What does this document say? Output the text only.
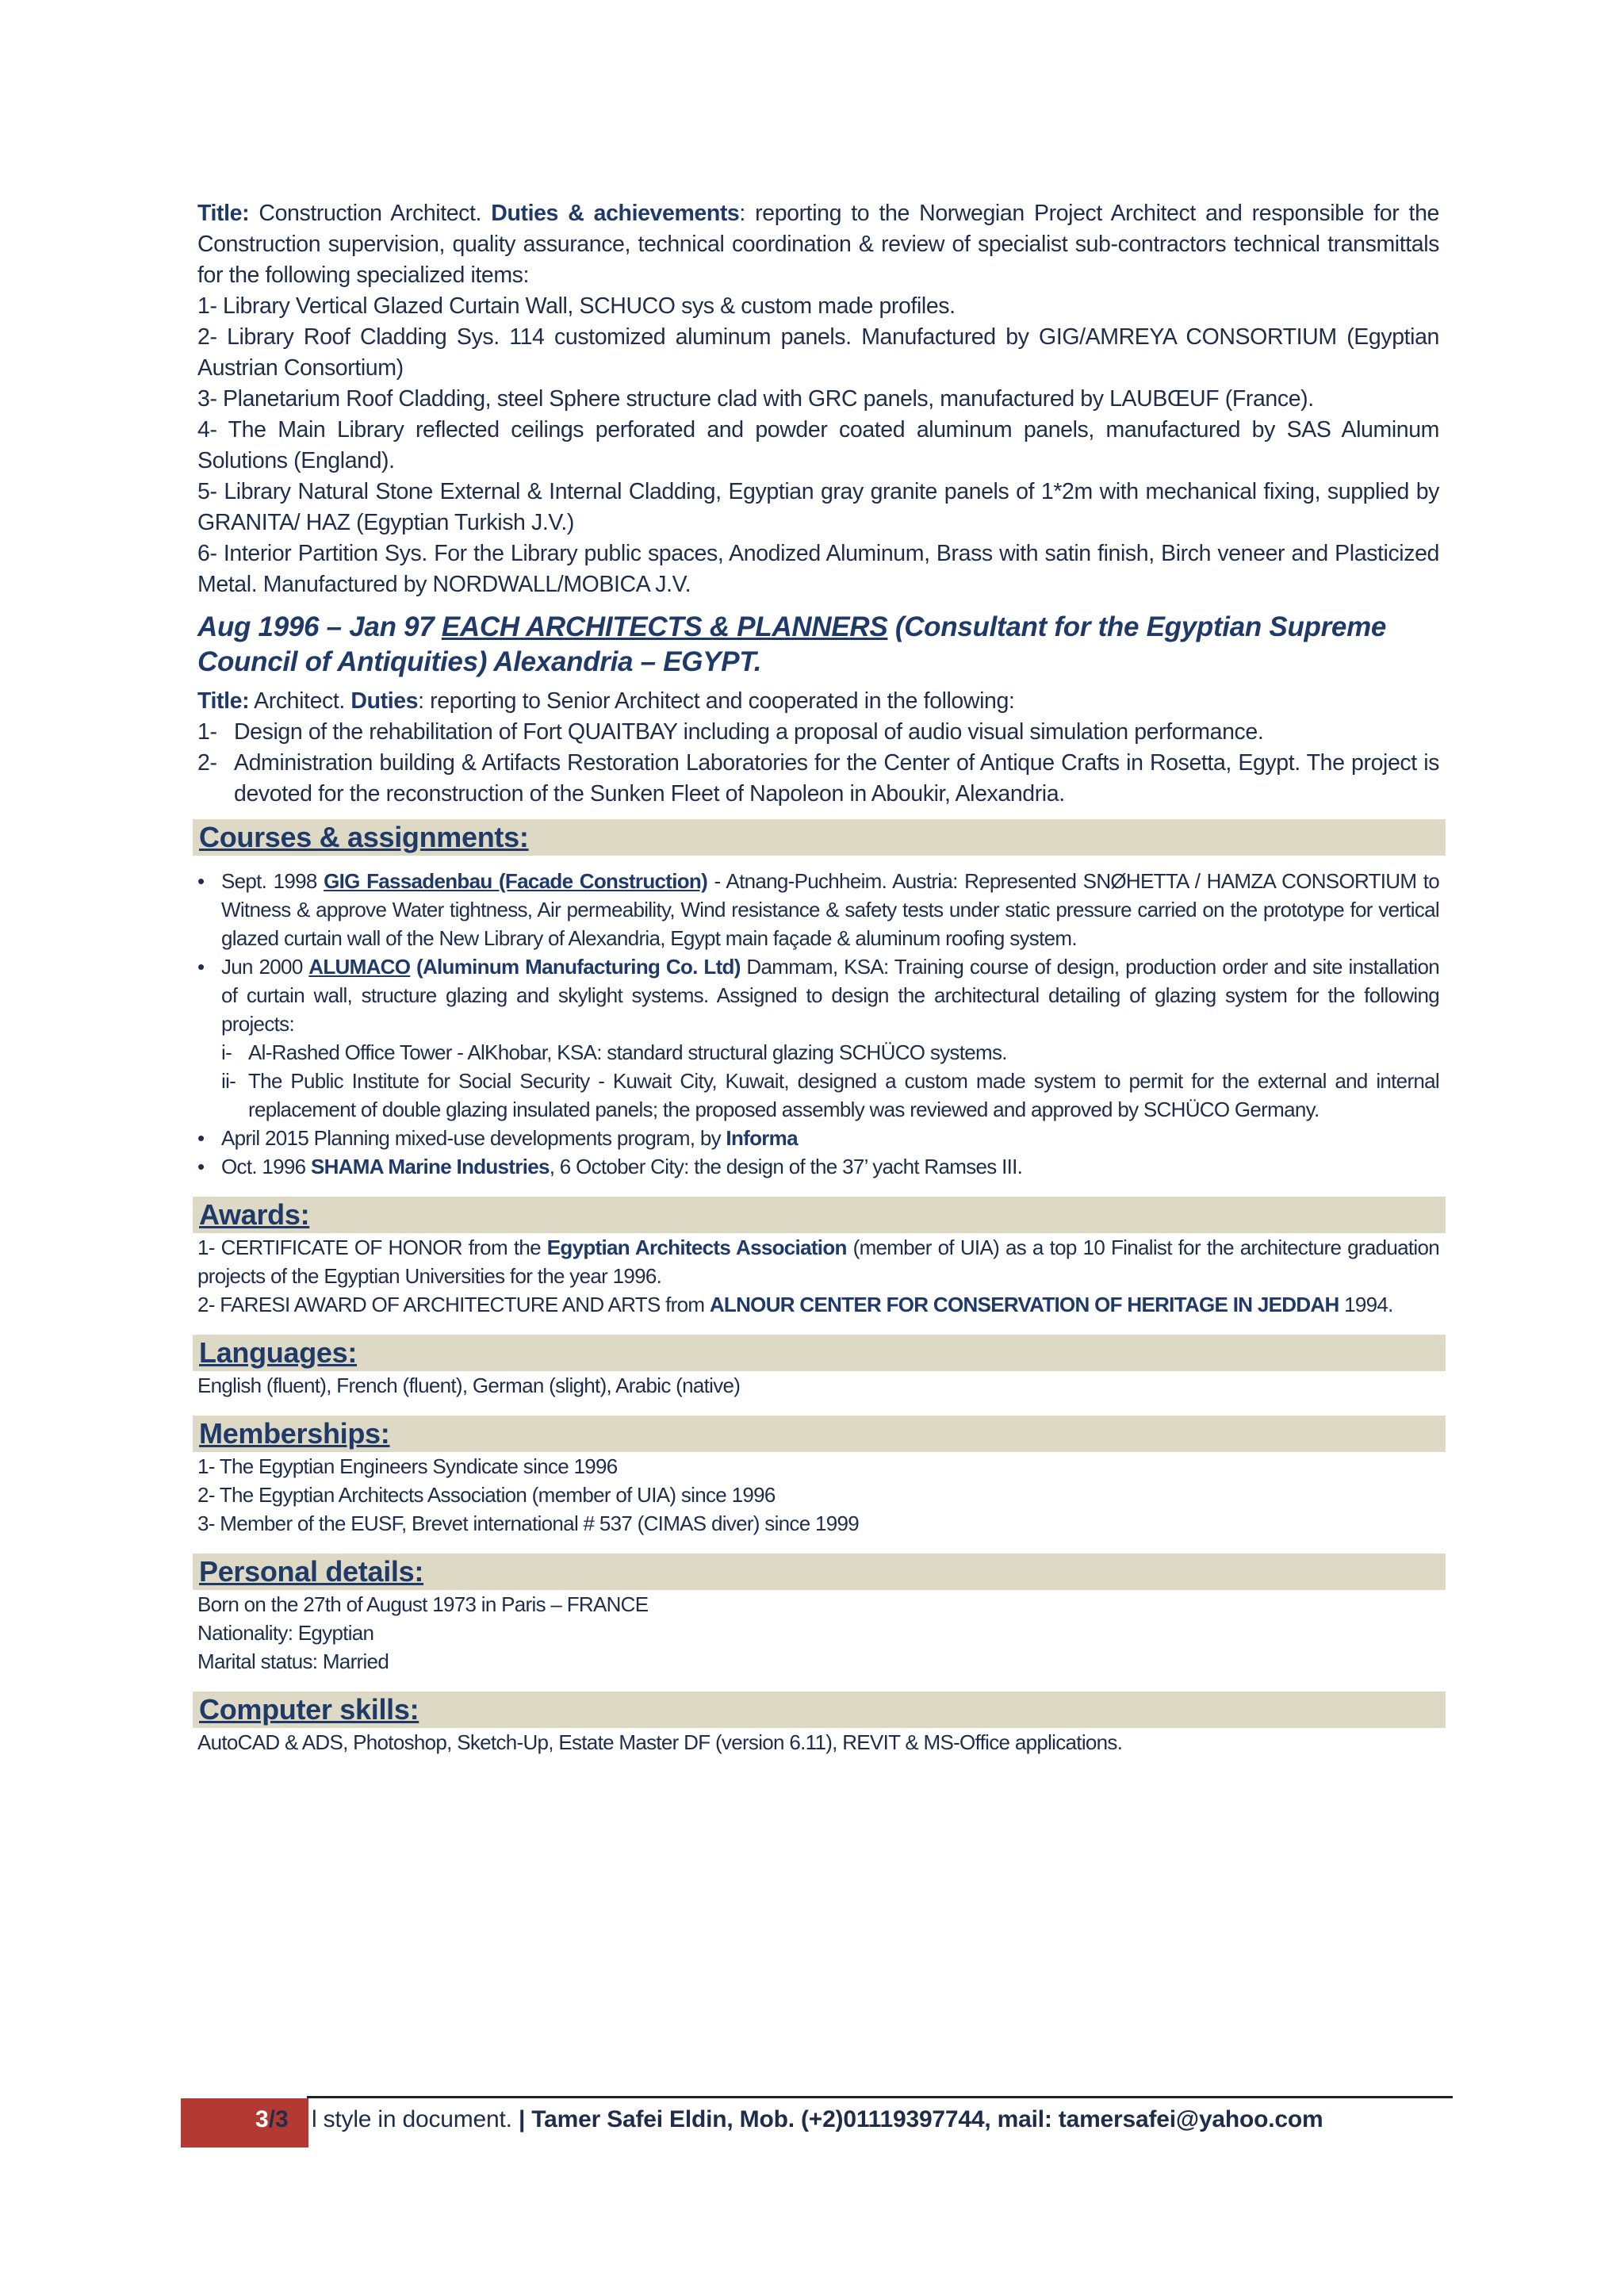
Title: Construction Architect. Duties & achievements: reporting to the Norwegian Project Architect and responsible for the Construction supervision, quality assurance, technical coordination & review of specialist sub-contractors technical transmittals for the following specialized items:

1- Library Vertical Glazed Curtain Wall, SCHUCO sys & custom made profiles.

2- Library Roof Cladding Sys. 114 customized aluminum panels. Manufactured by GIG/AMREYA CONSORTIUM (Egyptian Austrian Consortium)

3- Planetarium Roof Cladding, steel Sphere structure clad with GRC panels, manufactured by LAUBŒUF (France).

4- The Main Library reflected ceilings perforated and powder coated aluminum panels, manufactured by SAS Aluminum Solutions (England).

5- Library Natural Stone External & Internal Cladding, Egyptian gray granite panels of 1*2m with mechanical fixing, supplied by GRANITA/ HAZ (Egyptian Turkish J.V.)

6- Interior Partition Sys. For the Library public spaces, Anodized Aluminum, Brass with satin finish, Birch veneer and Plasticized Metal. Manufactured by NORDWALL/MOBICA J.V.

Aug 1996 – Jan 97 EACH ARCHITECTS & PLANNERS (Consultant for the Egyptian Supreme Council of Antiquities) Alexandria – EGYPT.

Title: Architect. Duties: reporting to Senior Architect and cooperated in the following:

1- Design of the rehabilitation of Fort QUAITBAY including a proposal of audio visual simulation performance.
2- Administration building & Artifacts Restoration Laboratories for the Center of Antique Crafts in Rosetta, Egypt. The project is devoted for the reconstruction of the Sunken Fleet of Napoleon in Aboukir, Alexandria.
Courses & assignments:
• Sept. 1998 GIG Fassadenbau (Facade Construction) - Atnang-Puchheim. Austria: Represented SNØHETTA / HAMZA CONSORTIUM to Witness & approve Water tightness, Air permeability, Wind resistance & safety tests under static pressure carried on the prototype for vertical glazed curtain wall of the New Library of Alexandria, Egypt main façade & aluminum roofing system.
• Jun 2000 ALUMACO (Aluminum Manufacturing Co. Ltd) Dammam, KSA: Training course of design, production order and site installation of curtain wall, structure glazing and skylight systems. Assigned to design the architectural detailing of glazing system for the following projects:
i- Al-Rashed Office Tower - AlKhobar, KSA: standard structural glazing SCHÜCO systems.
ii- The Public Institute for Social Security - Kuwait City, Kuwait, designed a custom made system to permit for the external and internal replacement of double glazing insulated panels; the proposed assembly was reviewed and approved by SCHÜCO Germany.
• April 2015 Planning mixed-use developments program, by Informa
• Oct. 1996 SHAMA Marine Industries, 6 October City: the design of the 37’ yacht Ramses III.
Awards:

1- CERTIFICATE OF HONOR from the Egyptian Architects Association (member of UIA) as a top 10 Finalist for the architecture graduation projects of the Egyptian Universities for the year 1996.

2- FARESI AWARD OF ARCHITECTURE AND ARTS from ALNOUR CENTER FOR CONSERVATION OF HERITAGE IN JEDDAH 1994.

Languages:

English (fluent), French (fluent), German (slight), Arabic (native)

Memberships:

1- The Egyptian Engineers Syndicate since 1996

2- The Egyptian Architects Association (member of UIA) since 1996

3- Member of the EUSF, Brevet international # 537 (CIMAS diver) since 1999

Personal details:

Born on the 27th of August 1973 in Paris – FRANCE

Nationality: Egyptian

Marital status: Married

Computer skills:

AutoCAD & ADS, Photoshop, Sketch-Up, Estate Master DF (version 6.11), REVIT & MS-Office applications.

3/3 l style in document. | Tamer Safei Eldin, Mob. (+2)01119397744, mail: tamersafei@yahoo.com
